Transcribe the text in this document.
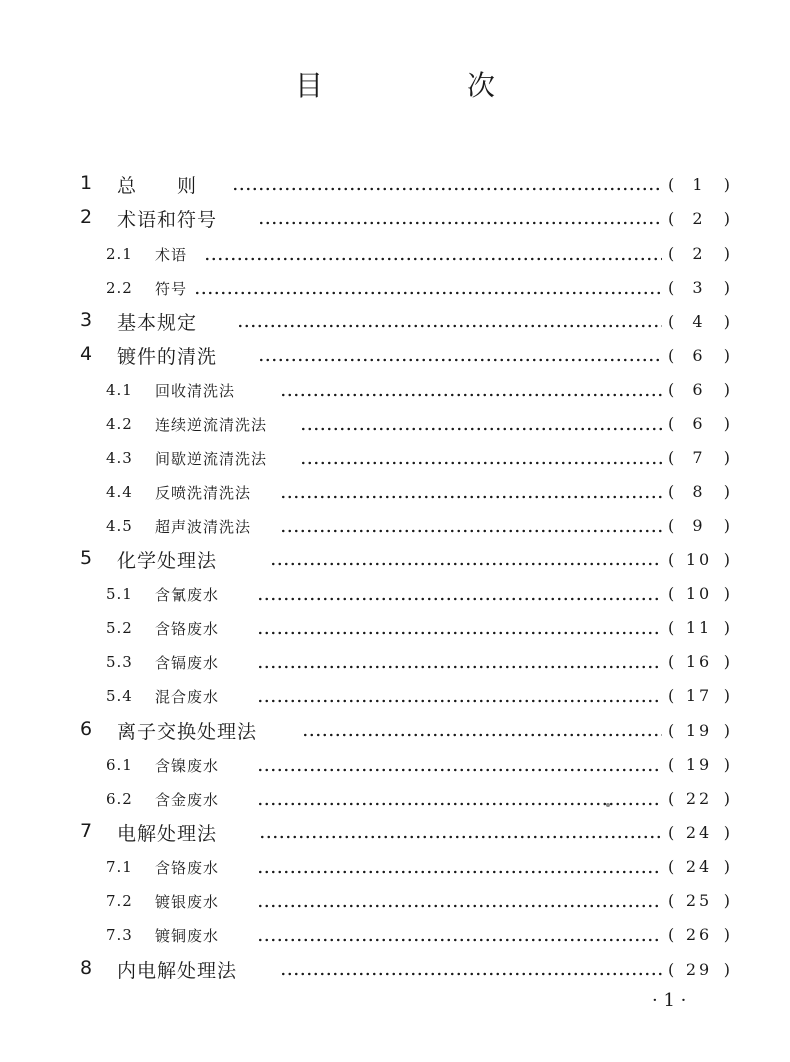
目　次
1 总　　则	( 1 )
2 术语和符号	( 2 )
2.1 术语	( 2 )
2.2 符号	( 3 )
3 基本规定	( 4 )
4 镀件的清洗	( 6 )
4.1 回收清洗法	( 6 )
4.2 连续逆流清洗法	( 6 )
4.3 间歇逆流清洗法	( 7 )
4.4 反喷洗清洗法	( 8 )
4.5 超声波清洗法	( 9 )
5 化学处理法	( 10 )
5.1 含氰废水	( 10 )
5.2 含铬废水	( 11 )
5.3 含镉废水	( 16 )
5.4 混合废水	( 17 )
6 离子交换处理法	( 19 )
6.1 含镍废水	( 19 )
6.2 含金废水	( 22 )
7 电解处理法	( 24 )
7.1 含铬废水	( 24 )
7.2 镀银废水	( 25 )
7.3 镀铜废水	( 26 )
8 内电解处理法	( 29 )
· 1 ·
